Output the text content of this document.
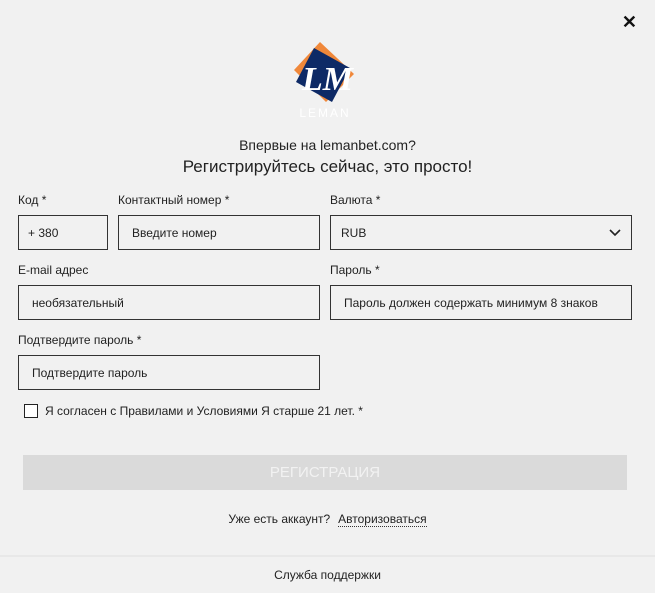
✕
LM
LEMAN
Впервые на lemanbet.com?
Регистрируйтесь сейчас, это просто!
Код *
+ 380
Контактный номер *
Введите номер
Валюта *
RUB
E-mail адрес
необязательный
Пароль *
Пароль должен содержать минимум 8 знаков
Подтвердите пароль *
Подтвердите пароль
Я согласен с Правилами и Условиями Я старше 21 лет. *
РЕГИСТРАЦИЯ
Уже есть аккаунт? Авторизоваться
Служба поддержки
